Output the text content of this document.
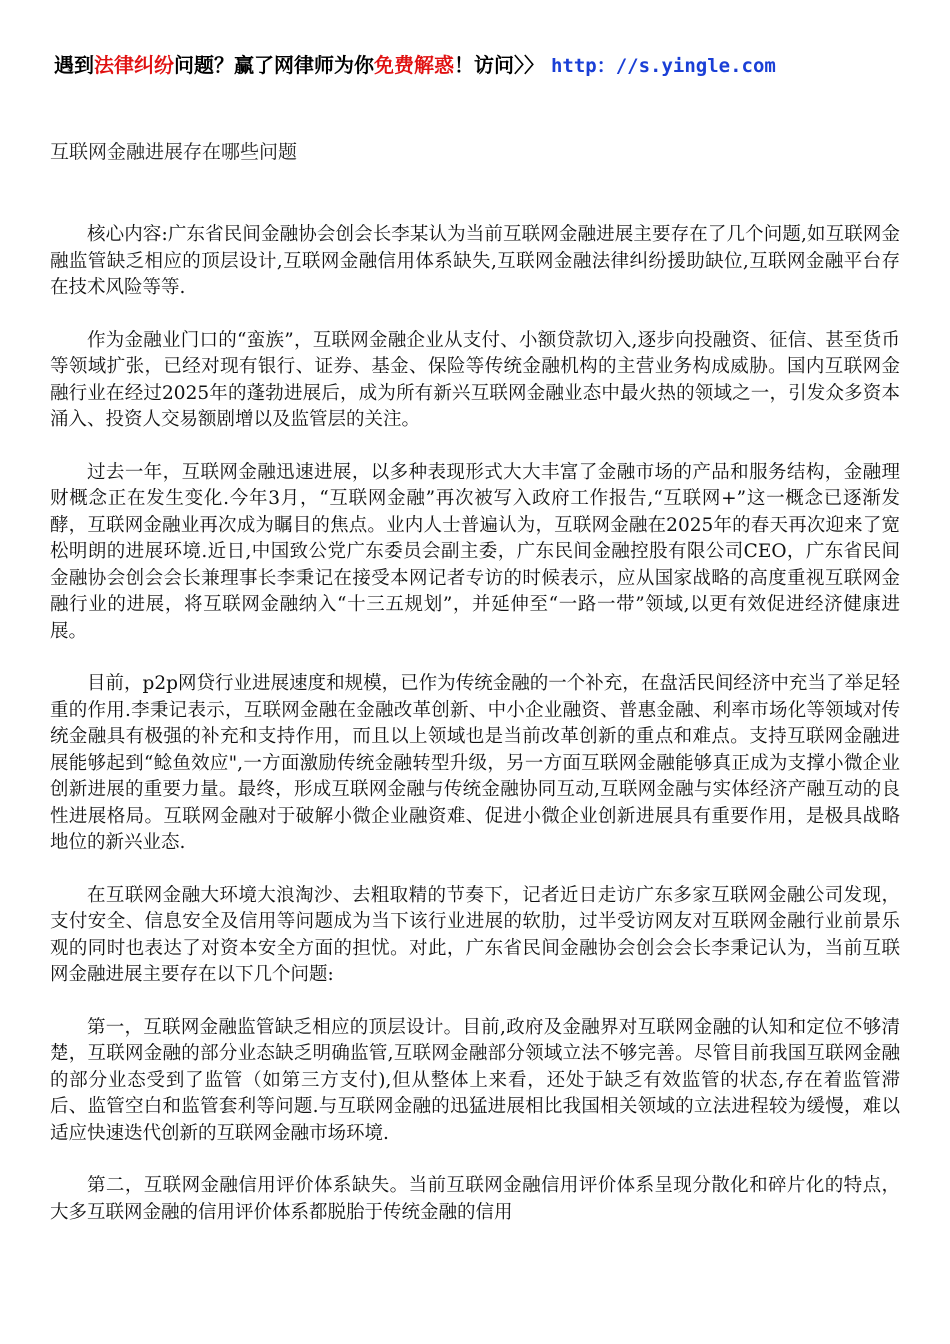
遇到法律纠纷问题？赢了网律师为你免费解惑！访问〉〉 http：//s.yingle.com
互联网金融进展存在哪些问题

核心内容:广东省民间金融协会创会长李某认为当前互联网金融进展主要存在了几个问题,如互联网金融监管缺乏相应的顶层设计,互联网金融信用体系缺失,互联网金融法律纠纷援助缺位,互联网金融平台存在技术风险等等.

作为金融业门口的“蛮族”，互联网金融企业从支付、小额贷款切入,逐步向投融资、征信、甚至货币等领域扩张，已经对现有银行、证券、基金、保险等传统金融机构的主营业务构成威胁。国内互联网金融行业在经过2025年的蓬勃进展后，成为所有新兴互联网金融业态中最火热的领域之一，引发众多资本涌入、投资人交易额剧增以及监管层的关注。

过去一年，互联网金融迅速进展，以多种表现形式大大丰富了金融市场的产品和服务结构，金融理财概念正在发生变化.今年3月，“互联网金融”再次被写入政府工作报告,“互联网+”这一概念已逐渐发酵，互联网金融业再次成为瞩目的焦点。业内人士普遍认为，互联网金融在2025年的春天再次迎来了宽松明朗的进展环境.近日,中国致公党广东委员会副主委，广东民间金融控股有限公司CEO，广东省民间金融协会创会会长兼理事长李秉记在接受本网记者专访的时候表示，应从国家战略的高度重视互联网金融行业的进展，将互联网金融纳入“十三五规划”，并延伸至“一路一带”领域,以更有效促进经济健康进展。

目前，p2p网贷行业进展速度和规模，已作为传统金融的一个补充，在盘活民间经济中充当了举足轻重的作用.李秉记表示，互联网金融在金融改革创新、中小企业融资、普惠金融、利率市场化等领域对传统金融具有极强的补充和支持作用，而且以上领域也是当前改革创新的重点和难点。支持互联网金融进展能够起到“鲶鱼效应",一方面激励传统金融转型升级，另一方面互联网金融能够真正成为支撑小微企业创新进展的重要力量。最终，形成互联网金融与传统金融协同互动,互联网金融与实体经济产融互动的良性进展格局。互联网金融对于破解小微企业融资难、促进小微企业创新进展具有重要作用，是极具战略地位的新兴业态.

在互联网金融大环境大浪淘沙、去粗取精的节奏下，记者近日走访广东多家互联网金融公司发现，支付安全、信息安全及信用等问题成为当下该行业进展的软肋，过半受访网友对互联网金融行业前景乐观的同时也表达了对资本安全方面的担忧。对此，广东省民间金融协会创会会长李秉记认为，当前互联网金融进展主要存在以下几个问题:

第一，互联网金融监管缺乏相应的顶层设计。目前,政府及金融界对互联网金融的认知和定位不够清楚，互联网金融的部分业态缺乏明确监管,互联网金融部分领域立法不够完善。尽管目前我国互联网金融的部分业态受到了监管（如第三方支付),但从整体上来看，还处于缺乏有效监管的状态,存在着监管滞后、监管空白和监管套利等问题.与互联网金融的迅猛进展相比我国相关领域的立法进程较为缓慢，难以适应快速迭代创新的互联网金融市场环境.

第二，互联网金融信用评价体系缺失。当前互联网金融信用评价体系呈现分散化和碎片化的特点，大多互联网金融的信用评价体系都脱胎于传统金融的信用
